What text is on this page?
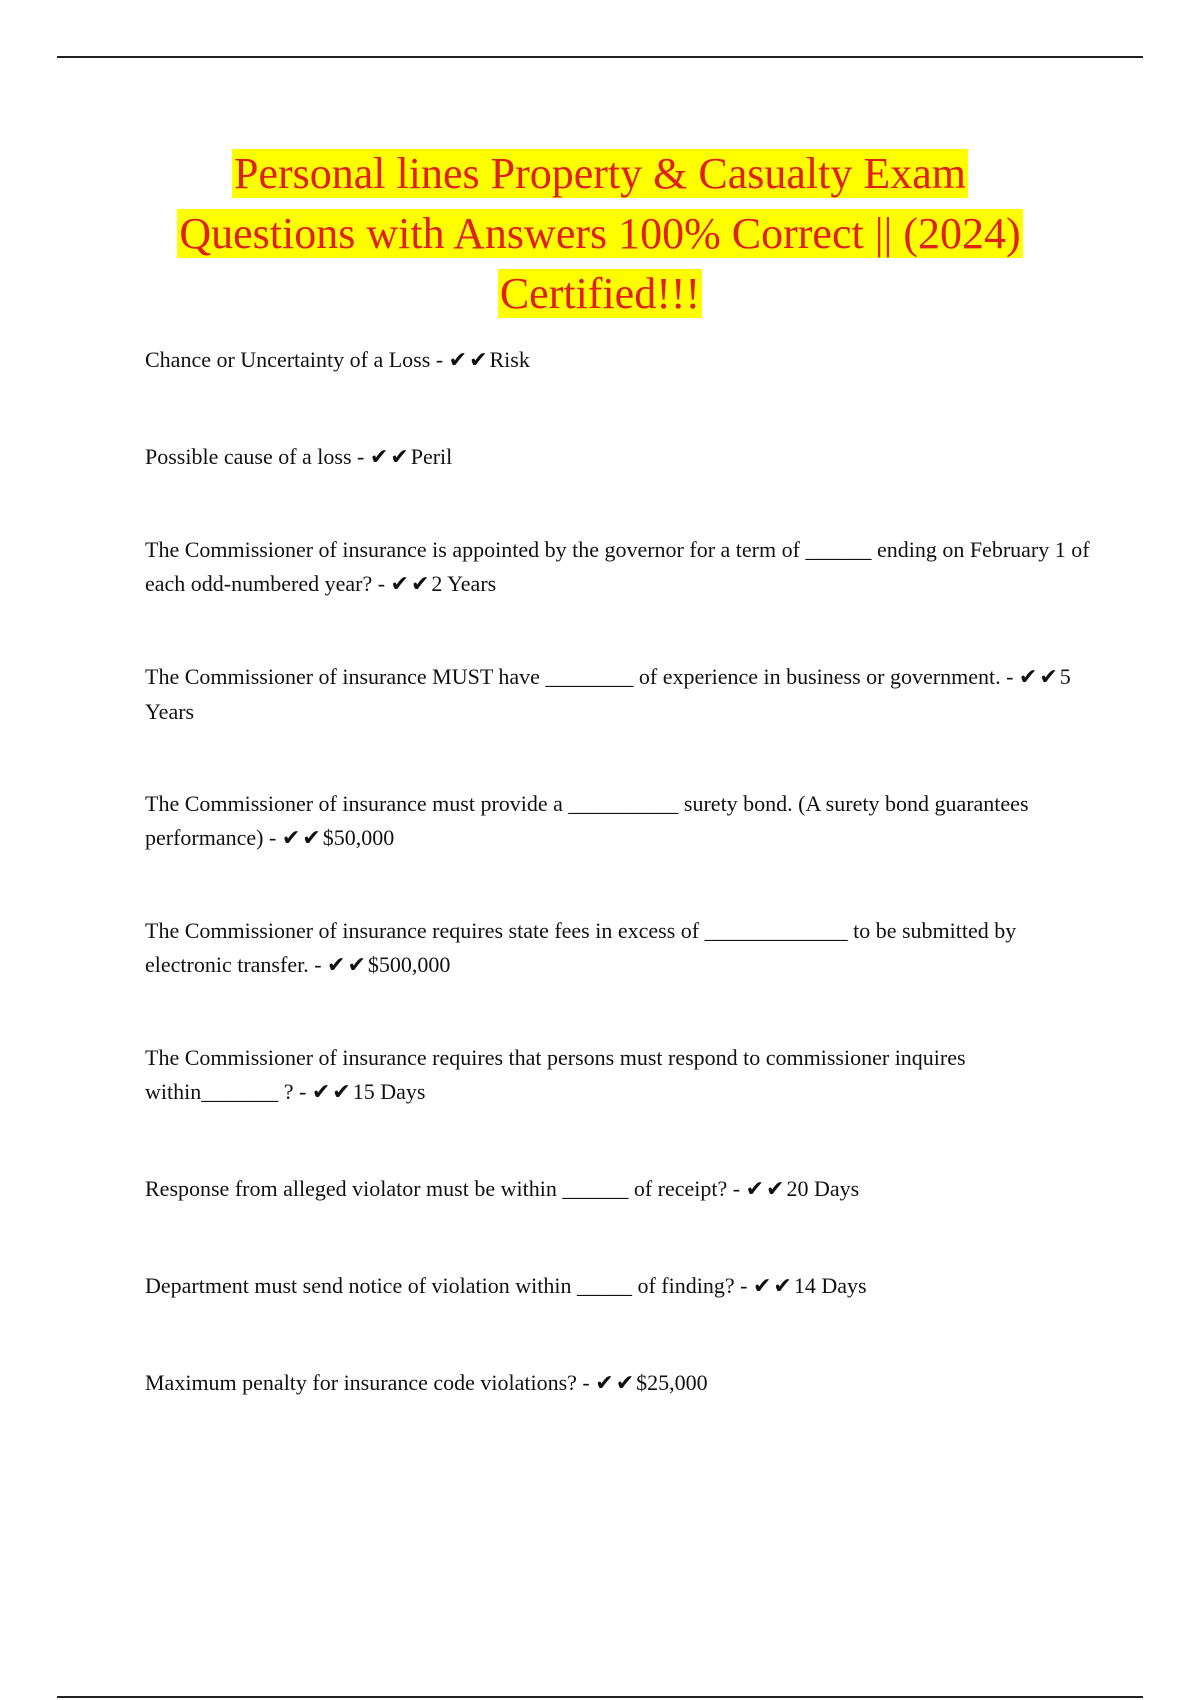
Personal lines Property & Casualty Exam
Questions with Answers 100% Correct || (2024)
Certified!!!

Chance or Uncertainty of a Loss - ✔✔Risk

Possible cause of a loss - ✔✔Peril

The Commissioner of insurance is appointed by the governor for a term of ______ ending on February 1 of each odd-numbered year? - ✔✔2 Years

The Commissioner of insurance MUST have ________ of experience in business or government. - ✔✔5 Years

The Commissioner of insurance must provide a __________ surety bond. (A surety bond guarantees performance) - ✔✔$50,000

The Commissioner of insurance requires state fees in excess of _____________ to be submitted by electronic transfer. - ✔✔$500,000

The Commissioner of insurance requires that persons must respond to commissioner inquires within_______ ? - ✔✔15 Days

Response from alleged violator must be within ______ of receipt? - ✔✔20 Days

Department must send notice of violation within _____ of finding? - ✔✔14 Days

Maximum penalty for insurance code violations? - ✔✔$25,000
